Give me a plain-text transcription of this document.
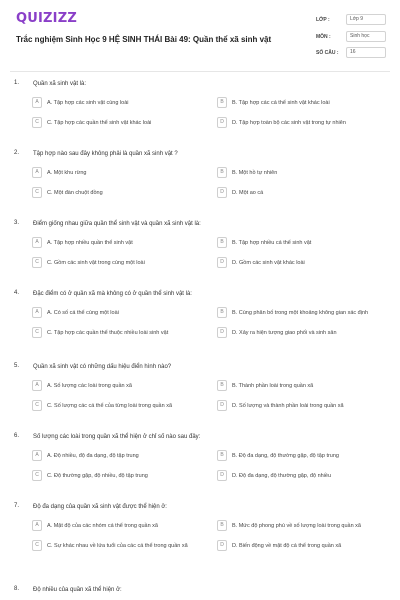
QUIZIZZ
Trắc nghiệm Sinh Học 9 HỆ SINH THÁI Bài 49: Quần thể xã sinh vật
LỚP :	Lớp 9
MÔN :	Sinh học
SỐ CÂU :	16
1. Quần xã sinh vật là:
A	A. Tập hợp các sinh vật cùng loài	B	B. Tập hợp các cá thể sinh vật khác loài
C	C. Tập hợp các quần thể sinh vật khác loài	D	D. Tập hợp toàn bộ các sinh vật trong tự nhiên
2. Tập hợp nào sau đây không phải là quần xã sinh vật ?
A	A. Một khu rừng	B	B. Một hồ tự nhiên
C	C. Một đàn chuột đồng	D	D. Một ao cá
3. Điểm giống nhau giữa quần thể sinh vật và quần xã sinh vật là:
A	A. Tập hợp nhiều quần thể sinh vật	B	B. Tập hợp nhiều cá thể sinh vật
C	C. Gồm các sinh vật trong cùng một loài	D	D. Gồm các sinh vật khác loài
4. Đặc điểm có ở quần xã mà không có ở quần thể sinh vật là:
A	A. Có số cá thể cùng một loài	B	B. Cùng phân bố trong một khoảng không gian xác định
C	C. Tập hợp các quần thể thuộc nhiều loài sinh vật	D	D. Xảy ra hiện tượng giao phối và sinh sản
5. Quần xã sinh vật có những dấu hiệu điển hình nào?
A	A. Số lượng các loài trong quần xã	B	B. Thành phần loài trong quần xã
C	C. Số lượng các cá thể của từng loài trong quần xã	D	D. Số lượng và thành phần loài trong quần xã
6. Số lượng các loài trong quần xã thể hiện ở chỉ số nào sau đây:
A	A. Độ nhiều, độ đa dạng, độ tập trung	B	B. Độ đa dạng, độ thường gặp, độ tập trung
C	C. Độ thường gặp, độ nhiều, độ tập trung	D	D. Độ đa dạng, độ thường gặp, độ nhiều
7. Độ đa dạng của quần xã sinh vật được thể hiện ở:
A	A. Mật độ của các nhóm cá thể trong quần xã	B	B. Mức độ phong phú về số lượng loài trong quần xã
C	C. Sự khác nhau về lứa tuổi của các cá thể trong quần xã	D	D. Biến động về mật độ cá thể trong quần xã
8. Độ nhiều của quần xã thể hiện ở:
